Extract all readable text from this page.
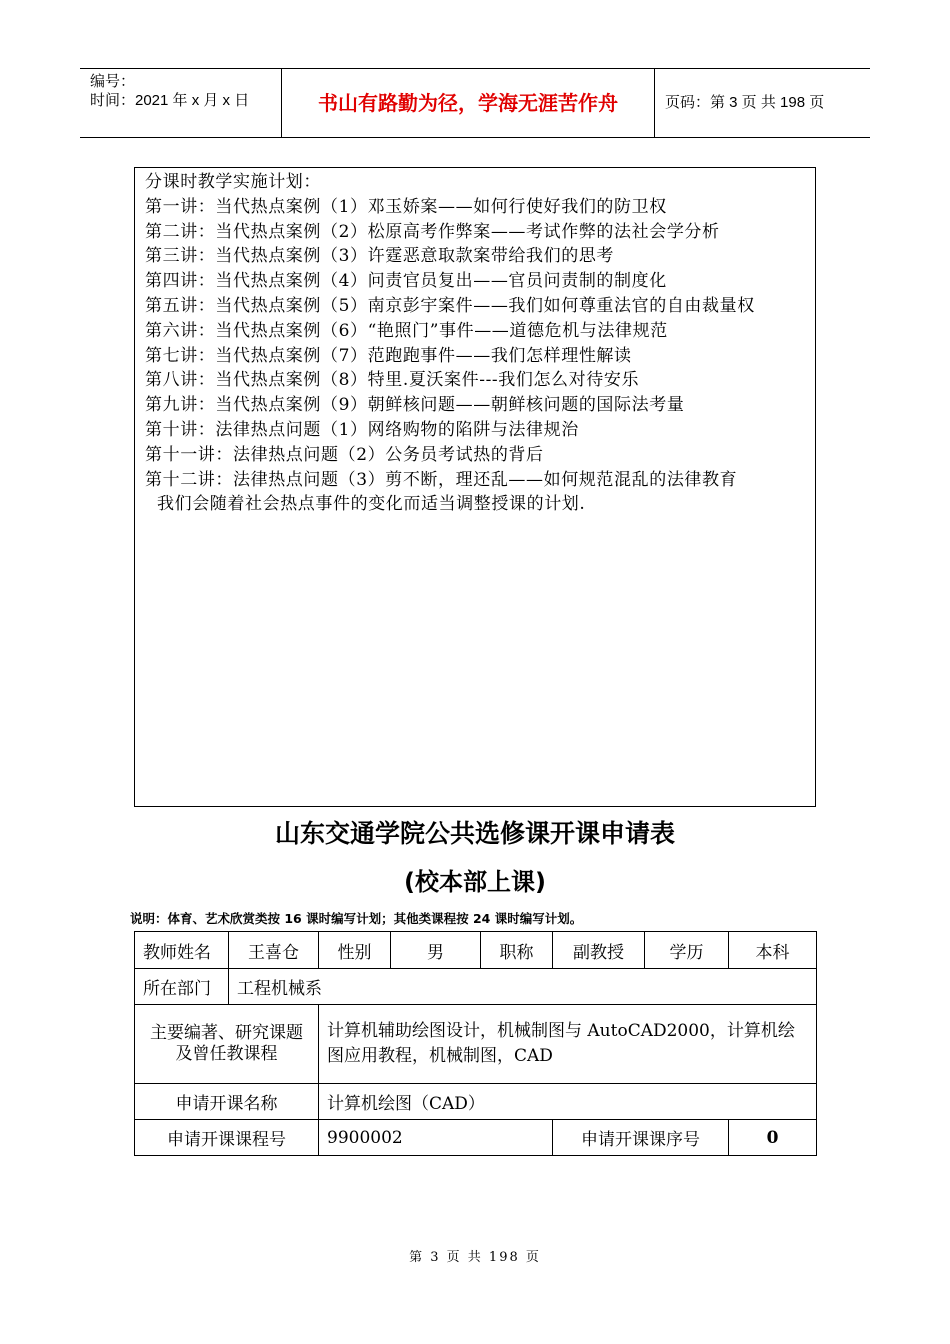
编号：
时间：2021 年 x 月 x 日	书山有路勤为径，学海无涯苦作舟	页码：第 3 页 共 198 页
分课时教学实施计划：
第一讲：当代热点案例（1）邓玉娇案——如何行使好我们的防卫权
第二讲：当代热点案例（2）松原高考作弊案——考试作弊的法社会学分析
第三讲：当代热点案例（3）许霆恶意取款案带给我们的思考
第四讲：当代热点案例（4）问责官员复出——官员问责制的制度化
第五讲：当代热点案例（5）南京彭宇案件——我们如何尊重法官的自由裁量权
第六讲：当代热点案例（6）“艳照门”事件——道德危机与法律规范
第七讲：当代热点案例（7）范跑跑事件——我们怎样理性解读
第八讲：当代热点案例（8）特里.夏沃案件---我们怎么对待安乐
第九讲：当代热点案例（9）朝鲜核问题——朝鲜核问题的国际法考量
第十讲：法律热点问题（1）网络购物的陷阱与法律规治
第十一讲：法律热点问题（2）公务员考试热的背后
第十二讲：法律热点问题（3）剪不断，理还乱——如何规范混乱的法律教育
我们会随着社会热点事件的变化而适当调整授课的计划.
山东交通学院公共选修课开课申请表
(校本部上课)
说明：体育、艺术欣赏类按 16 课时编写计划；其他类课程按 24 课时编写计划。
教师姓名	王喜仓	性别	男	职称	副教授	学历	本科
所在部门	工程机械系						

主要编著、研究课题
及曾任教课程		计算机辅助绘图设计，机械制图与 AutoCAD2000，计算机绘图应用教程，机械制图，CAD					
申请开课名称		计算机绘图（CAD）					
申请开课课程号		9900002			申请开课课序号		0
第 3 页 共 198 页
